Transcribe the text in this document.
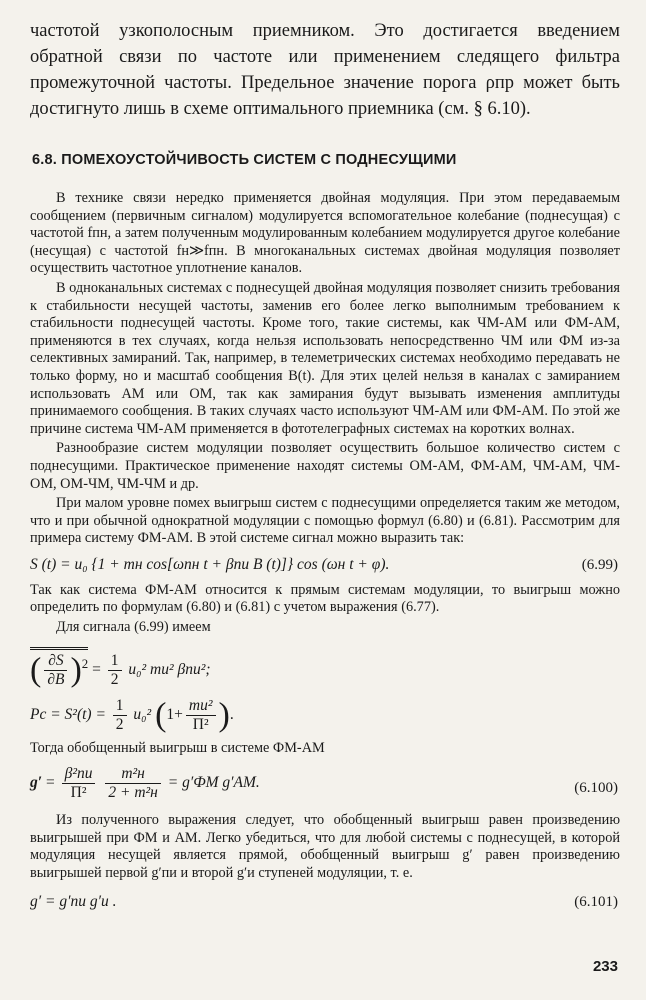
частотой узкополосным приемником. Это достигается введением обратной связи по частоте или применением следящего фильтра промежуточной частоты. Предельное значение порога ρпр может быть достигнуто лишь в схеме оптимального приемника (см. § 6.10).

6.8. ПОМЕХОУСТОЙЧИВОСТЬ СИСТЕМ С ПОДНЕСУЩИМИ

В технике связи нередко применяется двойная модуляция. При этом передаваемым сообщением (первичным сигналом) модулируется вспомогательное колебание (поднесущая) с частотой fпн, а затем полученным модулированным колебанием модулируется другое колебание (несущая) с частотой fн≫fпн. В многоканальных системах двойная модуляция позволяет осуществить частотное уплотнение каналов.

В одноканальных системах с поднесущей двойная модуляция позволяет снизить требования к стабильности несущей частоты, заменив его более легко выполнимым требованием к стабильности поднесущей частоты. Кроме того, такие системы, как ЧМ-АМ или ФМ-АМ, применяются в тех случаях, когда нельзя использовать непосредственно ЧМ или ФМ из-за селективных замираний. Так, например, в телеметрических системах необходимо передавать не только форму, но и масштаб сообщения B(t). Для этих целей нельзя в каналах с замиранием использовать АМ или ОМ, так как замирания будут вызывать изменения амплитуды принимаемого сообщения. В таких случаях часто используют ЧМ-АМ или ФМ-АМ. По этой же причине система ЧМ-АМ применяется в фототелеграфных системах на коротких волнах.

Разнообразие систем модуляции позволяет осуществить большое количество систем с поднесущими. Практическое применение находят системы ОМ-АМ, ФМ-АМ, ЧМ-АМ, ЧМ-ОМ, ОМ-ЧМ, ЧМ-ЧМ и др.

При малом уровне помех выигрыш систем с поднесущими определяется таким же методом, что и при обычной однократной модуляции с помощью формул (6.80) и (6.81). Рассмотрим для примера систему ФМ-АМ. В этой системе сигнал можно выразить так:

S (t) = u₀ {1 + mн cos[ωпн t + βпи B (t)]} cos (ωн t + φ).	(6.99)

Так как система ФМ-АМ относится к прямым системам модуляции, то выигрыш можно определить по формулам (6.80) и (6.81) с учетом выражения (6.77).

Для сигнала (6.99) имеем

( $\frac{\partial S}{\partial B} )^2 = \frac{1}{2} u_0^2$ mи² βпи²;
$Pc = S^2(t) = \frac{1}{2} u_0^2$ ($1+ \frac{\text{mи²}}{\text{П²}}$ ).

Тогда обобщенный выигрыш в системе ФМ-АМ

$g' = \frac{\text{β²пи}}{\text{П²}}$
$\frac{\text{m²н}}{\text{2 + m²н}} = g'ФМ$ g′АМ.	(6.100)

Из полученного выражения следует, что обобщенный выигрыш равен произведению выигрышей при ФМ и АМ. Легко убедиться, что для любой системы с поднесущей, в которой модуляция несущей является прямой, обобщенный выигрыш g′ равен произведению выигрышей первой g′пи и второй g′и ступеней модуляции, т. е.

g′ = g′пи g′и .	(6.101)
233
